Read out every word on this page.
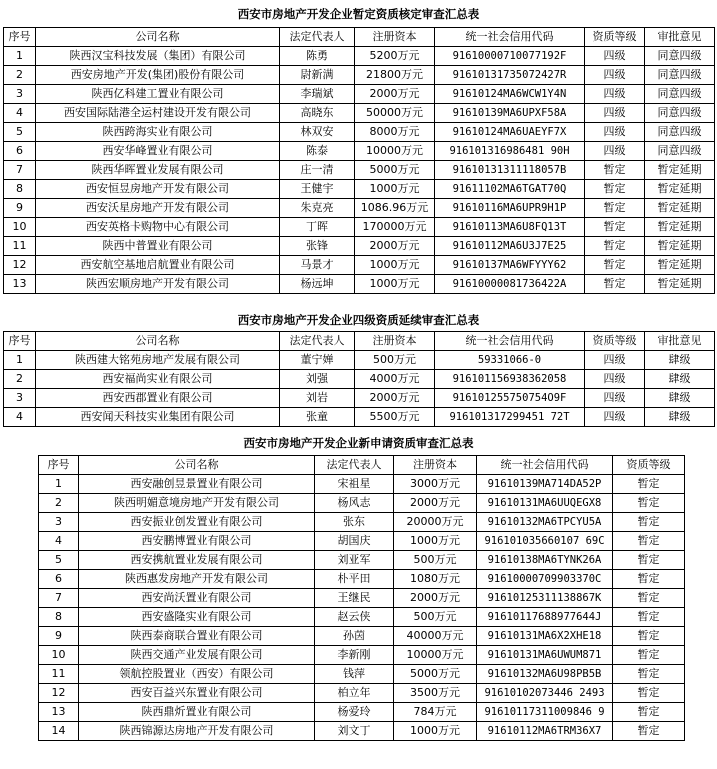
西安市房地产开发企业暂定资质核定审查汇总表
序号	公司名称	法定代表人	注册资本	统一社会信用代码	资质等级	审批意见
1	陕西汉宝科技发展（集团）有限公司	陈勇	5200万元	91610000710077192F	四级	同意四级
2	西安房地产开发(集团)股份有限公司	尉新满	21800万元	91610131735072427R	四级	同意四级
3	陕西亿科建工置业有限公司	李瑞斌	2000万元	91610124MA6WCW1Y4N	四级	同意四级
4	西安国际陆港全运村建设开发有限公司	高晓东	50000万元	91610139MA6UPXF58A	四级	同意四级
5	陕西跨海实业有限公司	林双安	8000万元	91610124MA6UAEYF7X	四级	同意四级
6	西安华峰置业有限公司	陈泰	10000万元	916101316986481 90H	四级	同意四级
7	陕西华晖置业发展有限公司	庄一清	5000万元	91610131311118057B	暂定	暂定延期
8	西安恒昱房地产开发有限公司	王健宇	1000万元	91611102MA6TGAT70Q	暂定	暂定延期
9	西安沃星房地产开发有限公司	朱克亮	1086.96万元	91610116MA6UPR9H1P	暂定	暂定延期
10	西安英格卡购物中心有限公司	丁晖	170000万元	91610113MA6U8FQ13T	暂定	暂定延期
11	陕西中普置业有限公司	张锋	2000万元	91610112MA6U3J7E25	暂定	暂定延期
12	西安航空基地启航置业有限公司	马景才	1000万元	91610137MA6WFYYY62	暂定	暂定延期
13	陕西宏顺房地产开发有限公司	杨远坤	1000万元	91610000081736422A	暂定	暂定延期
西安市房地产开发企业四级资质延续审查汇总表
序号	公司名称	法定代表人	注册资本	统一社会信用代码	资质等级	审批意见
1	陕西建大铭苑房地产发展有限公司	董宁婵	500万元	59331066-0	四级	肆级
2	西安福尚实业有限公司	刘强	4000万元	916101156938362058	四级	肆级
3	西安西郡置业有限公司	刘岩	2000万元	916101255750754O9F	四级	肆级
4	西安闻天科技实业集团有限公司	张童	5500万元	916101317299451 72T	四级	肆级
西安市房地产开发企业新申请资质审查汇总表
序号	公司名称	法定代表人	注册资本	统一社会信用代码	资质等级
1	西安融创昱景置业有限公司	宋祖星	3000万元	91610139MA714DA52P	暂定
2	陕西明媚意境房地产开发有限公司	杨风志	2000万元	91610131MA6UUQEGX8	暂定
3	西安振业创发置业有限公司	张东	20000万元	91610132MA6TPCYU5A	暂定
4	西安鹏博置业有限公司	胡国庆	1000万元	916101035660107 69C	暂定
5	西安携航置业发展有限公司	刘亚军	500万元	91610138MA6TYNK26A	暂定
6	陕西惠发房地产开发有限公司	朴平田	1080万元	91610000709903370C	暂定
7	西安尚沃置业有限公司	王继民	2000万元	91610125311138867K	暂定
8	西安盛隆实业有限公司	赵云侠	500万元	91610117688977644J	暂定
9	陕西泰商联合置业有限公司	孙茵	40000万元	91610131MA6X2XHE18	暂定
10	陕西交通产业发展有限公司	李新刚	10000万元	91610131MA6UWUM871	暂定
11	领航控股置业（西安）有限公司	钱萍	5000万元	91610132MA6U98PB5B	暂定
12	西安百益兴东置业有限公司	柏立年	3500万元	91610102073446 2493	暂定
13	陕西鼎炘置业有限公司	杨爱玲	784万元	91610117311009846 9	暂定
14	陕西锦源达房地产开发有限公司	刘文丁	1000万元	91610112MA6TRM36X7	暂定
